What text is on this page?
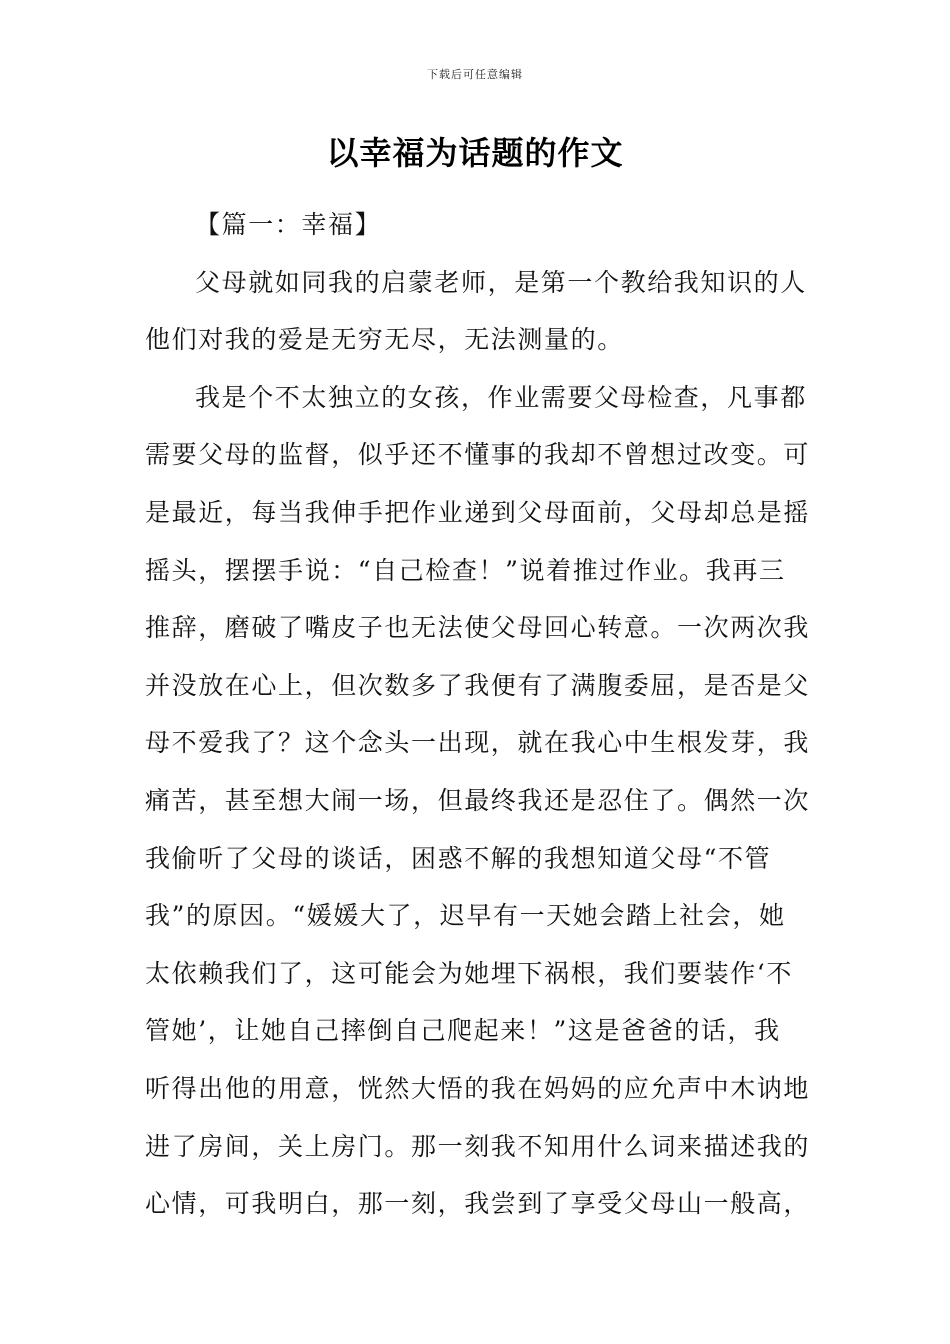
下载后可任意编辑
以幸福为话题的作文
【篇一：幸福】
父母就如同我的启蒙老师，是第一个教给我知识的人
他们对我的爱是无穷无尽，无法测量的。
我是个不太独立的女孩，作业需要父母检查，凡事都
需要父母的监督，似乎还不懂事的我却不曾想过改变。可
是最近，每当我伸手把作业递到父母面前，父母却总是摇
摇头，摆摆手说：“自己检查！”说着推过作业。我再三
推辞，磨破了嘴皮子也无法使父母回心转意。一次两次我
并没放在心上，但次数多了我便有了满腹委屈，是否是父
母不爱我了？这个念头一出现，就在我心中生根发芽，我
痛苦，甚至想大闹一场，但最终我还是忍住了。偶然一次
我偷听了父母的谈话，困惑不解的我想知道父母“不管
我”的原因。“媛媛大了，迟早有一天她会踏上社会，她
太依赖我们了，这可能会为她埋下祸根，我们要装作‘不
管她’，让她自己摔倒自己爬起来！”这是爸爸的话，我
听得出他的用意，恍然大悟的我在妈妈的应允声中木讷地
进了房间，关上房门。那一刻我不知用什么词来描述我的
心情，可我明白，那一刻，我尝到了享受父母山一般高，
